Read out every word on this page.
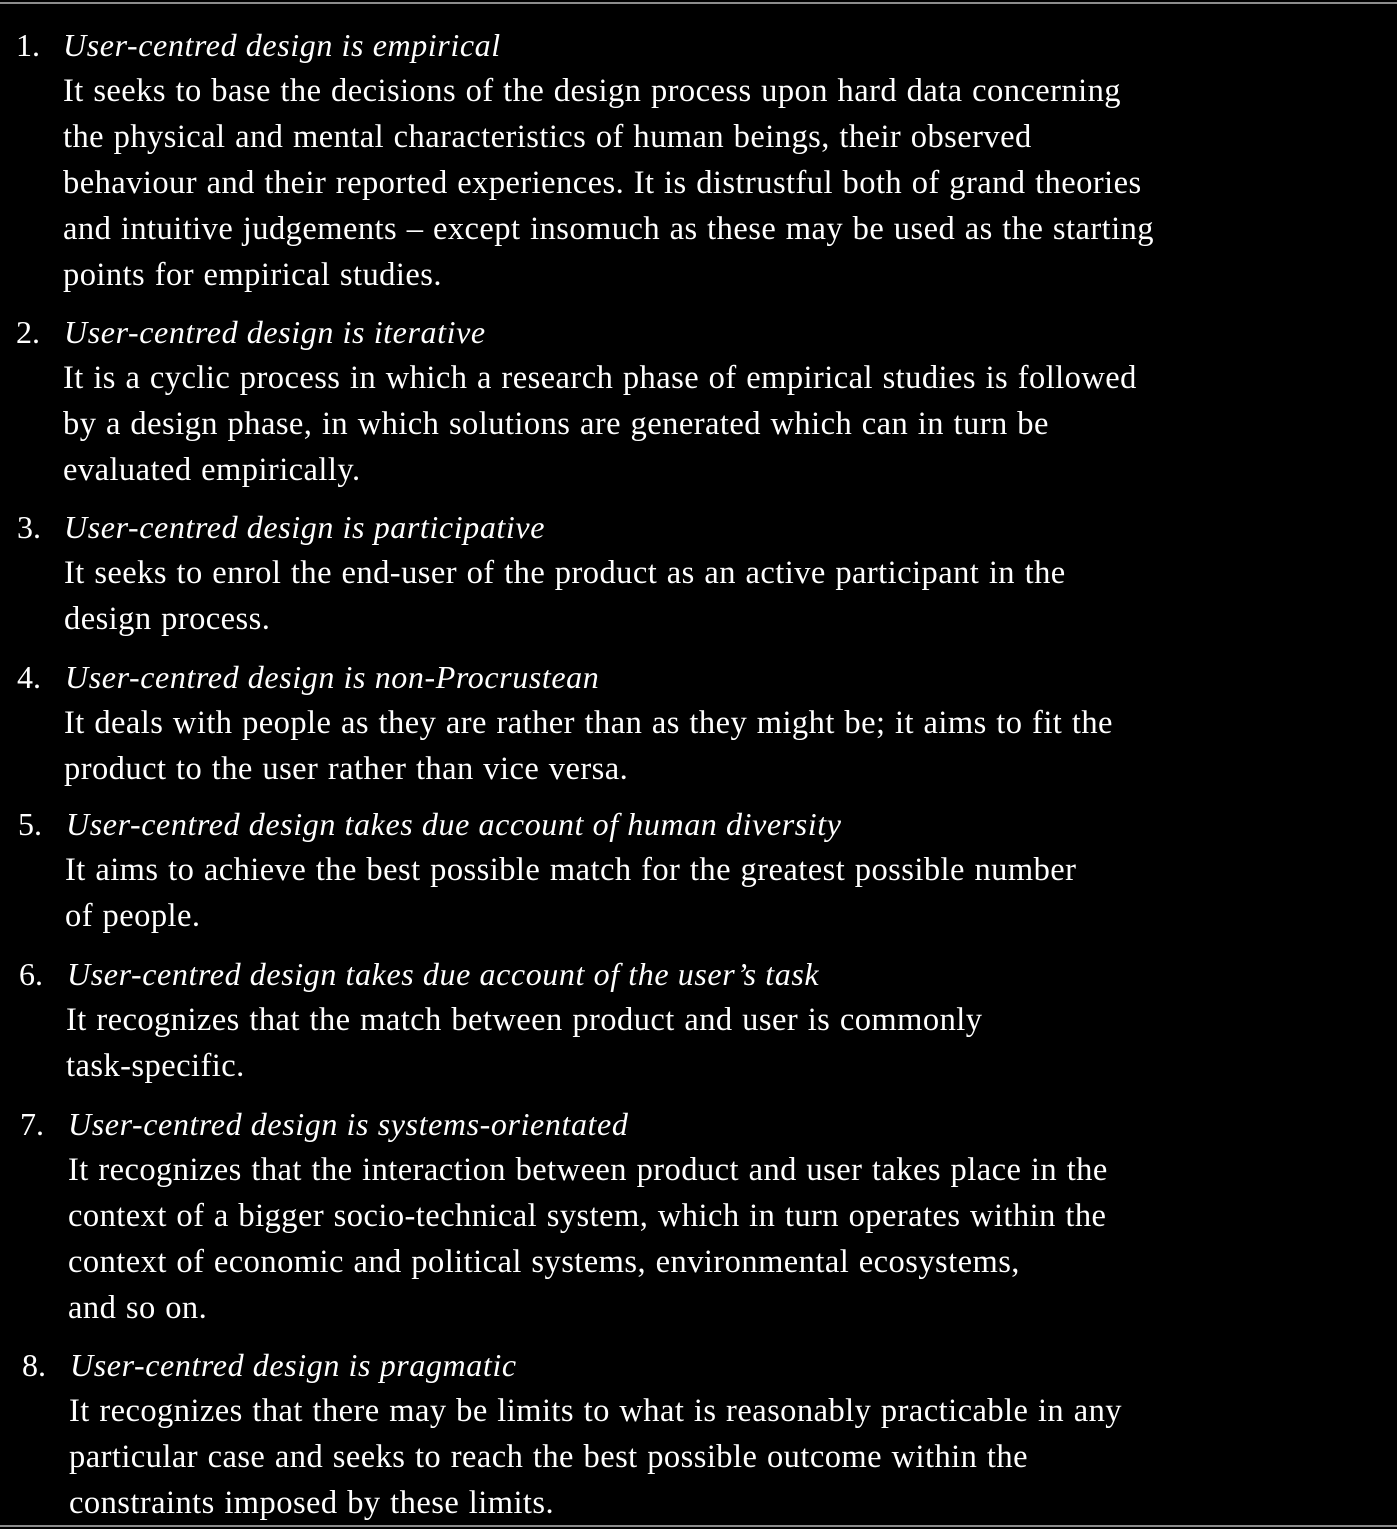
1. User-centred design is empirical
It seeks to base the decisions of the design process upon hard data concerning
the physical and mental characteristics of human beings, their observed
behaviour and their reported experiences. It is distrustful both of grand theories
and intuitive judgements – except insomuch as these may be used as the starting
points for empirical studies.
2. User-centred design is iterative
It is a cyclic process in which a research phase of empirical studies is followed
by a design phase, in which solutions are generated which can in turn be
evaluated empirically.
3. User-centred design is participative
It seeks to enrol the end-user of the product as an active participant in the
design process.
4. User-centred design is non-Procrustean
It deals with people as they are rather than as they might be; it aims to fit the
product to the user rather than vice versa.
5. User-centred design takes due account of human diversity
It aims to achieve the best possible match for the greatest possible number
of people.
6. User-centred design takes due account of the user’s task
It recognizes that the match between product and user is commonly
task-specific.
7. User-centred design is systems-orientated
It recognizes that the interaction between product and user takes place in the
context of a bigger socio-technical system, which in turn operates within the
context of economic and political systems, environmental ecosystems,
and so on.
8. User-centred design is pragmatic
It recognizes that there may be limits to what is reasonably practicable in any
particular case and seeks to reach the best possible outcome within the
constraints imposed by these limits.
